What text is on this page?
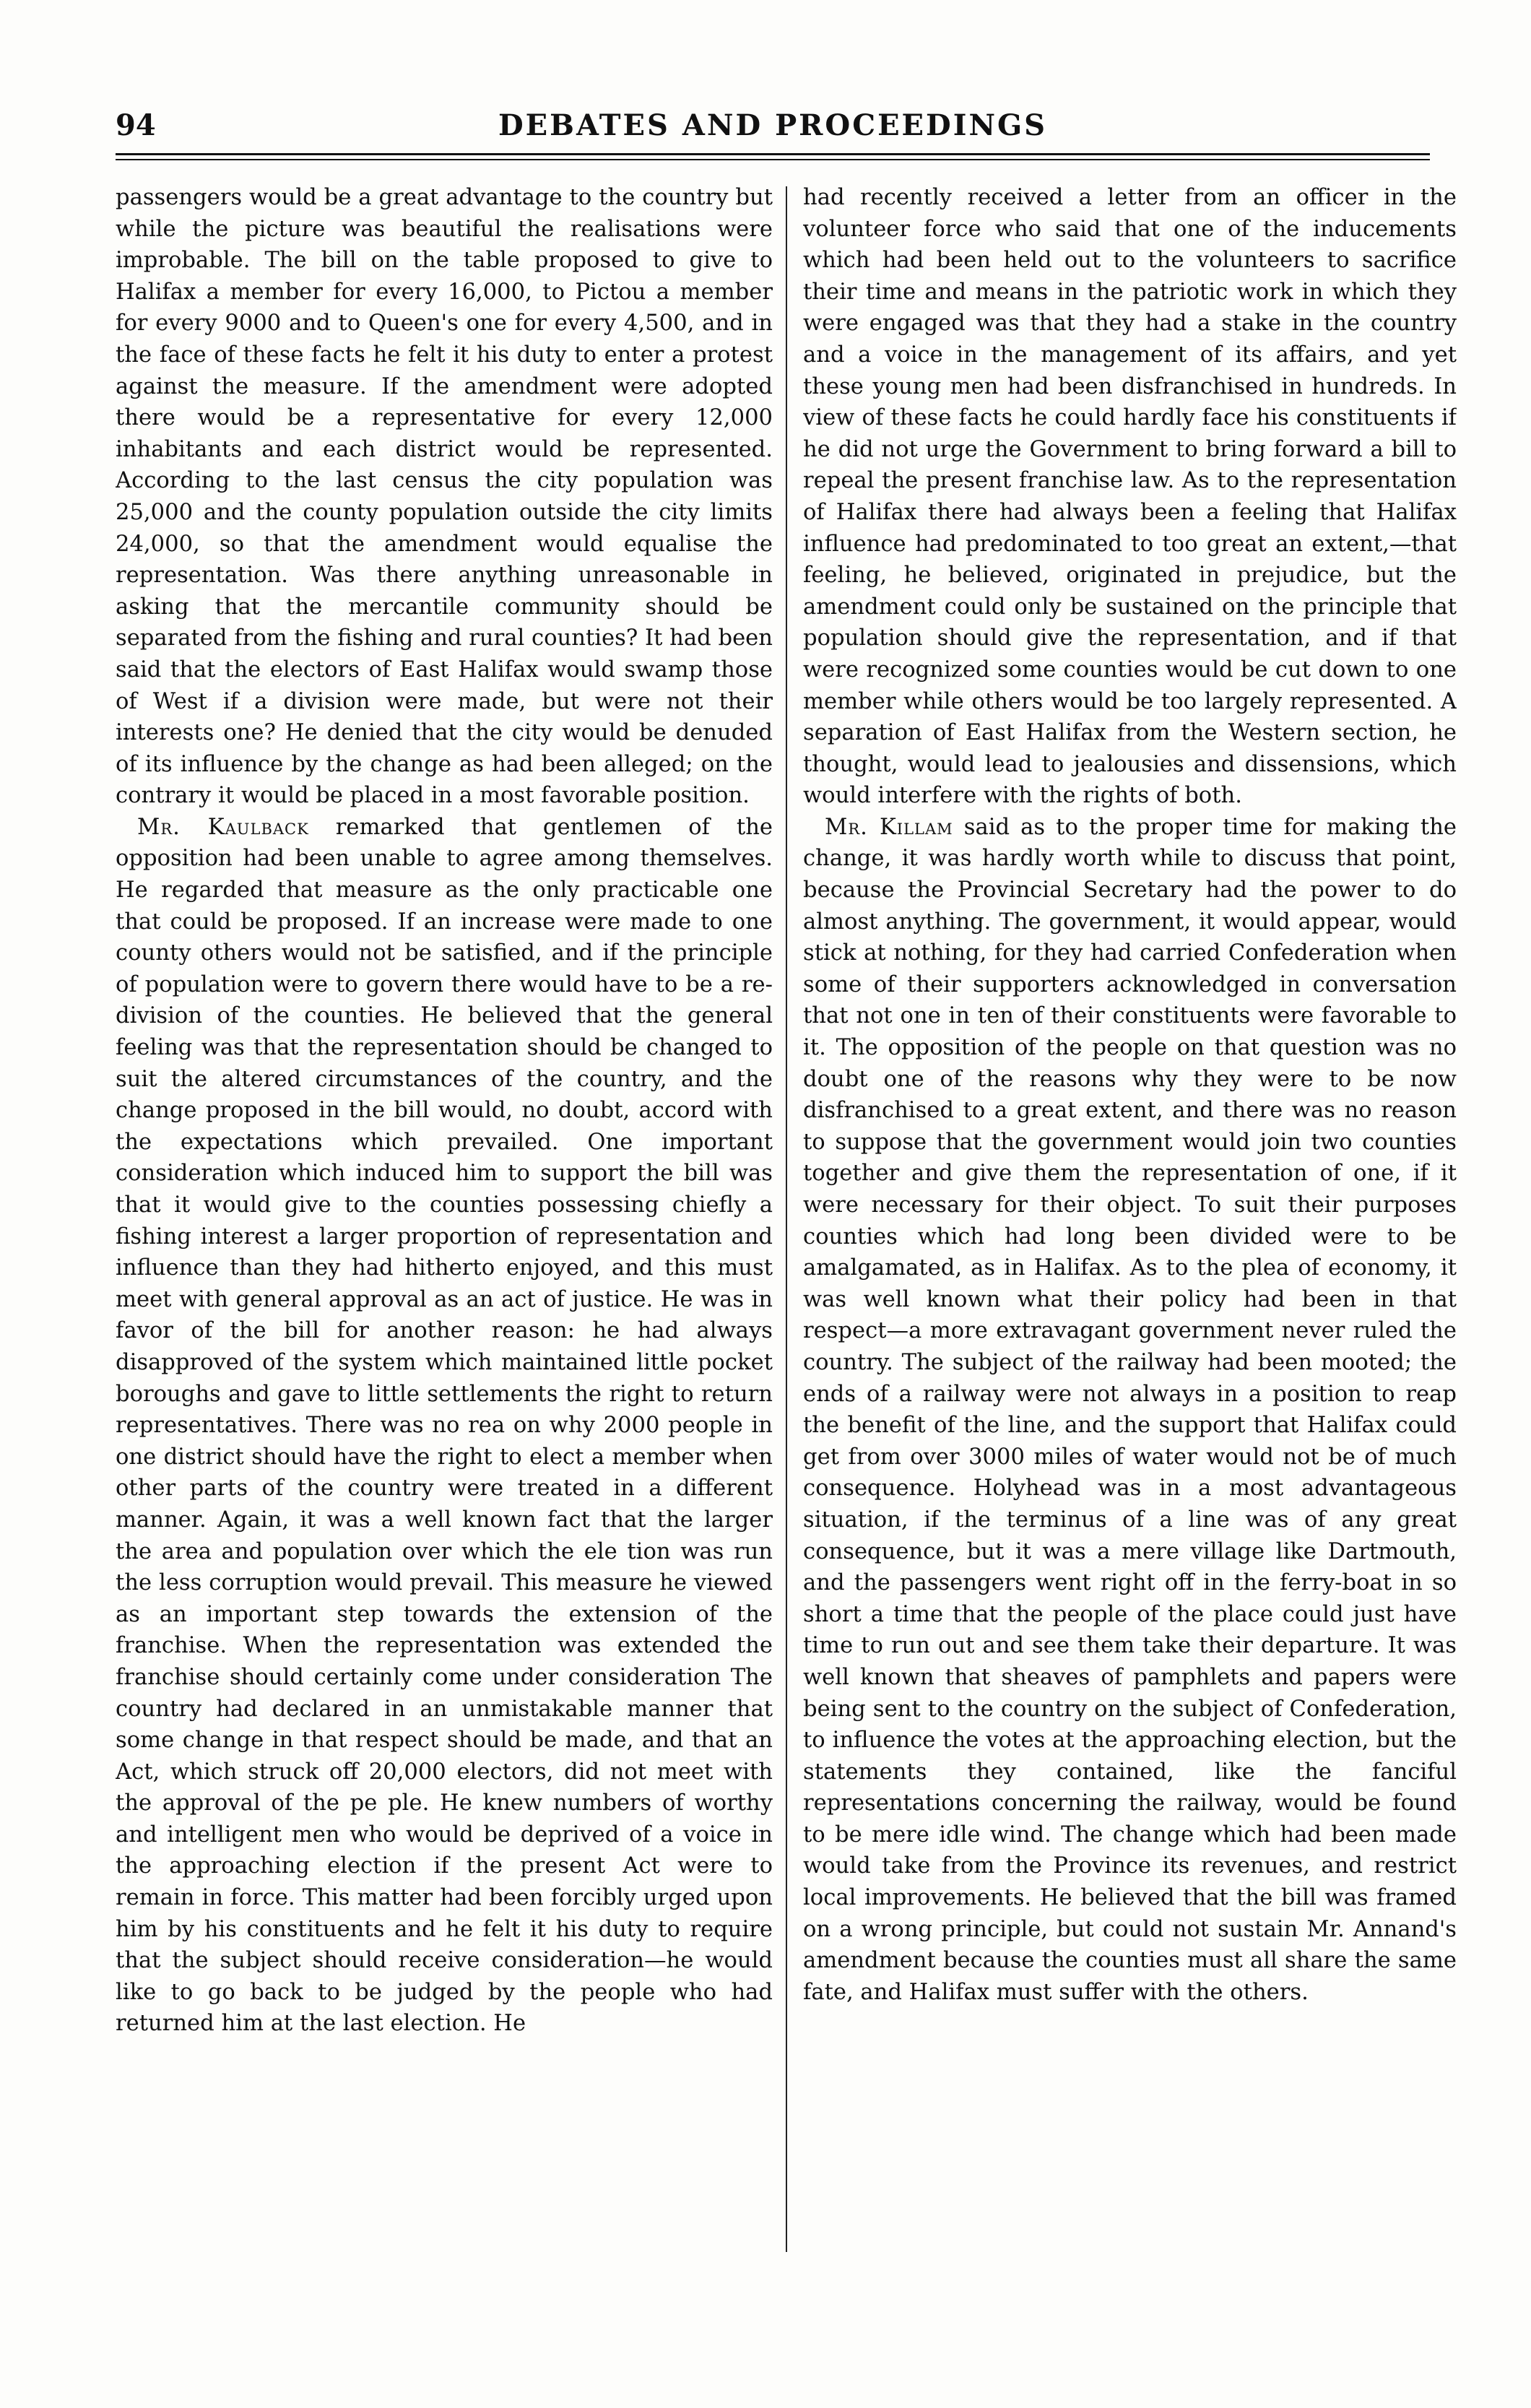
DEBATES AND PROCEEDINGS
94

passengers would be a great advantage to the country but while the picture was beautiful the realisations were improbable. The bill on the table proposed to give to Halifax a member for every 16,000, to Pictou a member for every 9000 and to Queen's one for every 4,500, and in the face of these facts he felt it his duty to enter a protest against the measure. If the amendment were adopted there would be a representative for every 12,000 inhabitants and each district would be represented. According to the last census the city population was 25,000 and the county population outside the city limits 24,000, so that the amendment would equalise the representation. Was there anything unreasonable in asking that the mercantile community should be separated from the fishing and rural counties? It had been said that the electors of East Halifax would swamp those of West if a division were made, but were not their interests one? He denied that the city would be denuded of its influence by the change as had been alleged; on the contrary it would be placed in a most favorable position.

Mr. Kaulback remarked that gentlemen of the opposition had been unable to agree among themselves. He regarded that measure as the only practicable one that could be proposed. If an increase were made to one county others would not be satisfied, and if the principle of population were to govern there would have to be a re-division of the counties. He believed that the general feeling was that the representation should be changed to suit the altered circumstances of the country, and the change proposed in the bill would, no doubt, accord with the expectations which prevailed. One important consideration which induced him to support the bill was that it would give to the counties possessing chiefly a fishing interest a larger proportion of representation and influence than they had hitherto enjoyed, and this must meet with general approval as an act of justice. He was in favor of the bill for another reason: he had always disapproved of the system which maintained little pocket boroughs and gave to little settlements the right to return representatives. There was no rea on why 2000 people in one district should have the right to elect a member when other parts of the country were treated in a different manner. Again, it was a well known fact that the larger the area and population over which the ele tion was run the less corruption would prevail. This measure he viewed as an important step towards the extension of the franchise. When the representation was extended the franchise should certainly come under consideration The country had declared in an unmistakable manner that some change in that respect should be made, and that an Act, which struck off 20,000 electors, did not meet with the approval of the pe ple. He knew numbers of worthy and intelligent men who would be deprived of a voice in the approaching election if the present Act were to remain in force. This matter had been forcibly urged upon him by his constituents and he felt it his duty to require that the subject should receive consideration—he would like to go back to be judged by the people who had returned him at the last election. He

had recently received a letter from an officer in the volunteer force who said that one of the inducements which had been held out to the volunteers to sacrifice their time and means in the patriotic work in which they were engaged was that they had a stake in the country and a voice in the management of its affairs, and yet these young men had been disfranchised in hundreds. In view of these facts he could hardly face his constituents if he did not urge the Government to bring forward a bill to repeal the present franchise law. As to the representation of Halifax there had always been a feeling that Halifax influence had predominated to too great an extent,—that feeling, he believed, originated in prejudice, but the amendment could only be sustained on the principle that population should give the representation, and if that were recognized some counties would be cut down to one member while others would be too largely represented. A separation of East Halifax from the Western section, he thought, would lead to jealousies and dissensions, which would interfere with the rights of both.

Mr. Killam said as to the proper time for making the change, it was hardly worth while to discuss that point, because the Provincial Secretary had the power to do almost anything. The government, it would appear, would stick at nothing, for they had carried Confederation when some of their supporters acknowledged in conversation that not one in ten of their constituents were favorable to it. The opposition of the people on that question was no doubt one of the reasons why they were to be now disfranchised to a great extent, and there was no reason to suppose that the government would join two counties together and give them the representation of one, if it were necessary for their object. To suit their purposes counties which had long been divided were to be amalgamated, as in Halifax. As to the plea of economy, it was well known what their policy had been in that respect—a more extravagant government never ruled the country. The subject of the railway had been mooted; the ends of a railway were not always in a position to reap the benefit of the line, and the support that Halifax could get from over 3000 miles of water would not be of much consequence. Holyhead was in a most advantageous situation, if the terminus of a line was of any great consequence, but it was a mere village like Dartmouth, and the passengers went right off in the ferry-boat in so short a time that the people of the place could just have time to run out and see them take their departure. It was well known that sheaves of pamphlets and papers were being sent to the country on the subject of Confederation, to influence the votes at the approaching election, but the statements they contained, like the fanciful representations concerning the railway, would be found to be mere idle wind. The change which had been made would take from the Province its revenues, and restrict local improvements. He believed that the bill was framed on a wrong principle, but could not sustain Mr. Annand's amendment because the counties must all share the same fate, and Halifax must suffer with the others.
